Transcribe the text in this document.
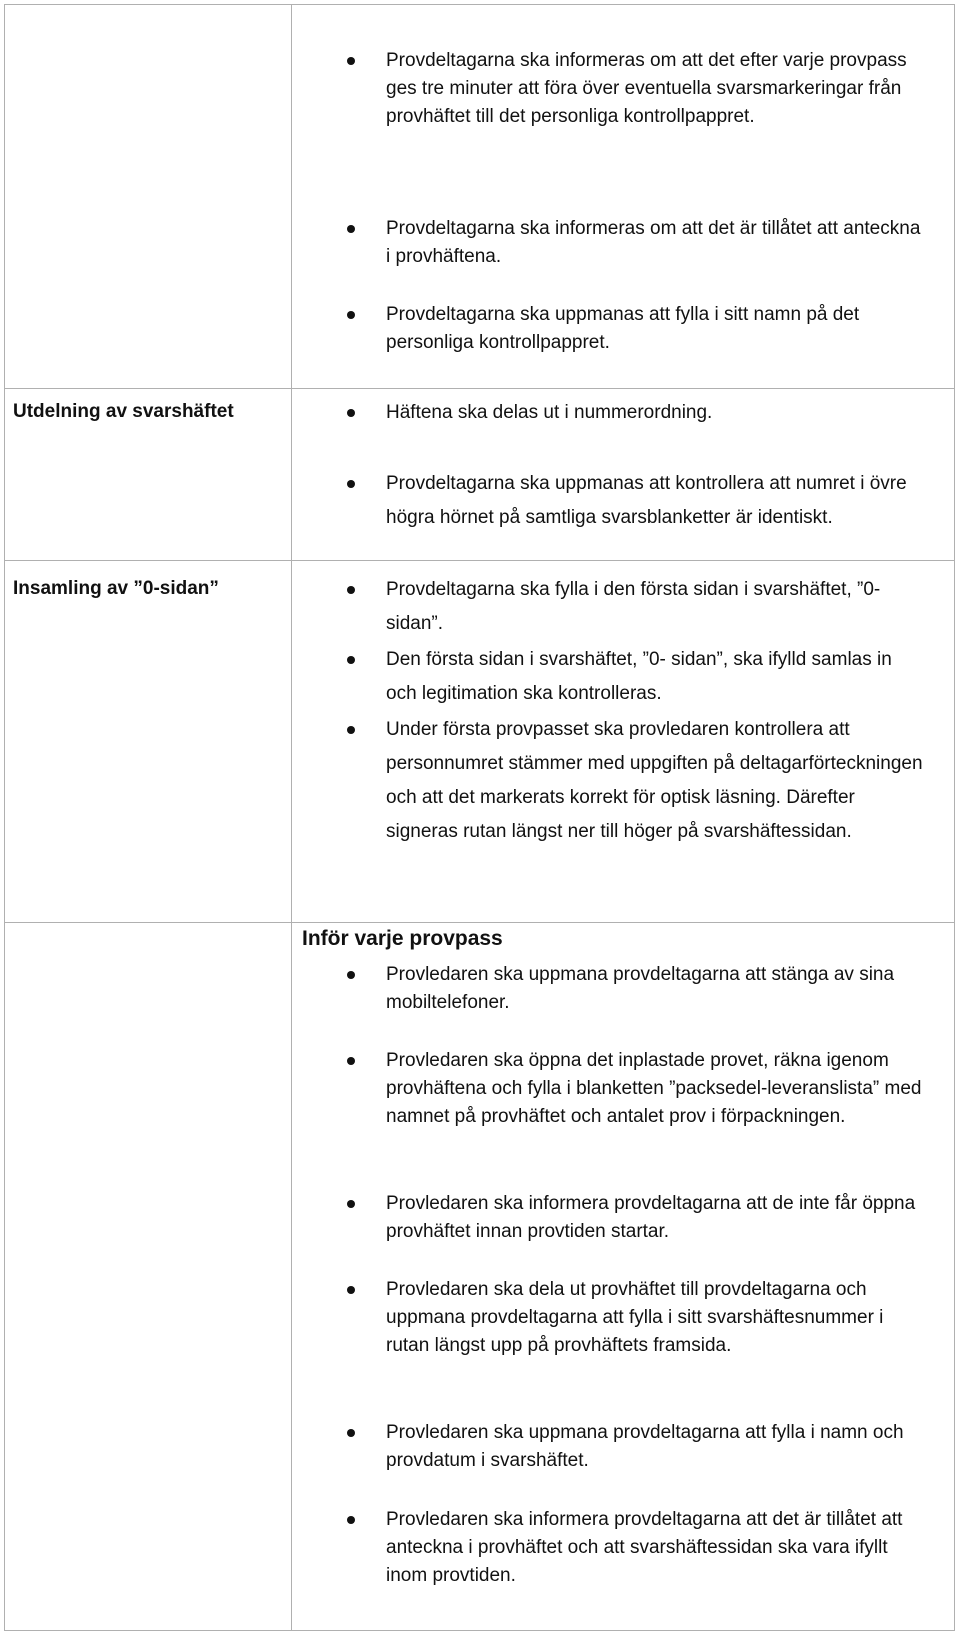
Provdeltagarna ska informeras om att det efter varje provpass ges tre minuter att föra över eventuella svarsmarkeringar från provhäftet till det personliga kontrollpappret.
Provdeltagarna ska informeras om att det är tillåtet att anteckna i provhäftena.
Provdeltagarna ska uppmanas att fylla i sitt namn på det personliga kontrollpappret.
Utdelning av svarshäftet	Häftena ska delas ut i nummerordning.
Provdeltagarna ska uppmanas att kontrollera att numret i övre högra hörnet på samtliga svarsblanketter är identiskt.
Insamling av ”0-sidan”	Provdeltagarna ska fylla i den första sidan i svarshäftet, ”0-sidan”.
Den första sidan i svarshäftet, ”0- sidan”, ska ifylld samlas in och legitimation ska kontrolleras.
Under första provpasset ska provledaren kontrollera att personnumret stämmer med uppgiften på deltagarförteckningen och att det markerats korrekt för optisk läsning. Därefter signeras rutan längst ner till höger på svarshäftessidan.
Inför varje provpass
Provledaren ska uppmana provdeltagarna att stänga av sina mobiltelefoner.
Provledaren ska öppna det inplastade provet, räkna igenom provhäftena och fylla i blanketten ”packsedel-leveranslista” med namnet på provhäftet och antalet prov i förpackningen.
Provledaren ska informera provdeltagarna att de inte får öppna provhäftet innan provtiden startar.
Provledaren ska dela ut provhäftet till provdeltagarna och uppmana provdeltagarna att fylla i sitt svarshäftesnummer i rutan längst upp på provhäftets framsida.
Provledaren ska uppmana provdeltagarna att fylla i namn och provdatum i svarshäftet.
Provledaren ska informera provdeltagarna att det är tillåtet att anteckna i provhäftet och att svarshäftessidan ska vara ifyllt inom provtiden.
